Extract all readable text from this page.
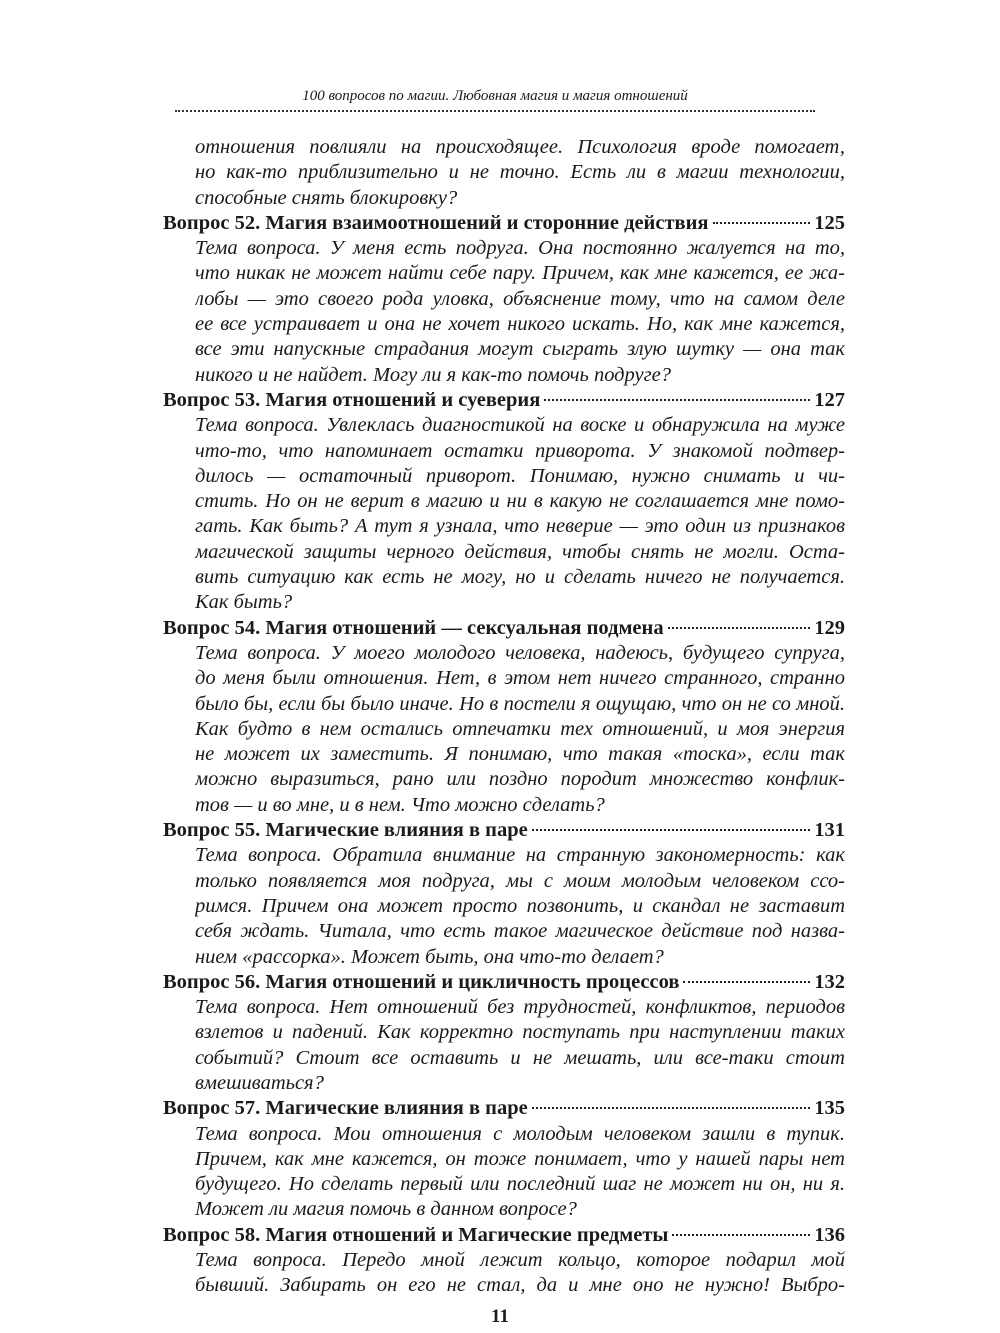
100 вопросов по магии. Любовная магия и магия отношений
отношения повлияли на происходящее. Психология вроде помогает,
но как-то приблизительно и не точно. Есть ли в магии технологии,
способные снять блокировку?
Вопрос 52. Магия взаимоотношений и сторонние действия	125
Тема вопроса. У меня есть подруга. Она постоянно жалуется на то,
что никак не может найти себе пару. Причем, как мне кажется, ее жа-
лобы — это своего рода уловка, объяснение тому, что на самом деле
ее все устраивает и она не хочет никого искать. Но, как мне кажется,
все эти напускные страдания могут сыграть злую шутку — она так
никого и не найдет. Могу ли я как-то помочь подруге?
Вопрос 53. Магия отношений и суеверия	127
Тема вопроса. Увлеклась диагностикой на воске и обнаружила на муже
что-то, что напоминает остатки приворота. У знакомой подтвер-
дилось — остаточный приворот. Понимаю, нужно снимать и чи-
стить. Но он не верит в магию и ни в какую не соглашается мне помо-
гать. Как быть? А тут я узнала, что неверие — это один из признаков
магической защиты черного действия, чтобы снять не могли. Оста-
вить ситуацию как есть не могу, но и сделать ничего не получается.
Как быть?
Вопрос 54. Магия отношений — сексуальная подмена	129
Тема вопроса. У моего молодого человека, надеюсь, будущего супруга,
до меня были отношения. Нет, в этом нет ничего странного, странно
было бы, если бы было иначе. Но в постели я ощущаю, что он не со мной.
Как будто в нем остались отпечатки тех отношений, и моя энергия
не может их заместить. Я понимаю, что такая «тоска», если так
можно выразиться, рано или поздно породит множество конфлик-
тов — и во мне, и в нем. Что можно сделать?
Вопрос 55. Магические влияния в паре	131
Тема вопроса. Обратила внимание на странную закономерность: как
только появляется моя подруга, мы с моим молодым человеком ссо-
римся. Причем она может просто позвонить, и скандал не заставит
себя ждать. Читала, что есть такое магическое действие под назва-
нием «рассорка». Может быть, она что-то делает?
Вопрос 56. Магия отношений и цикличность процессов	132
Тема вопроса. Нет отношений без трудностей, конфликтов, периодов
взлетов и падений. Как корректно поступать при наступлении таких
событий? Стоит все оставить и не мешать, или все-таки стоит
вмешиваться?
Вопрос 57. Магические влияния в паре	135
Тема вопроса. Мои отношения с молодым человеком зашли в тупик.
Причем, как мне кажется, он тоже понимает, что у нашей пары нет
будущего. Но сделать первый или последний шаг не может ни он, ни я.
Может ли магия помочь в данном вопросе?
Вопрос 58. Магия отношений и Магические предметы	136
Тема вопроса. Передо мной лежит кольцо, которое подарил мой
бывший. Забирать он его не стал, да и мне оно не нужно! Выбро-
11
